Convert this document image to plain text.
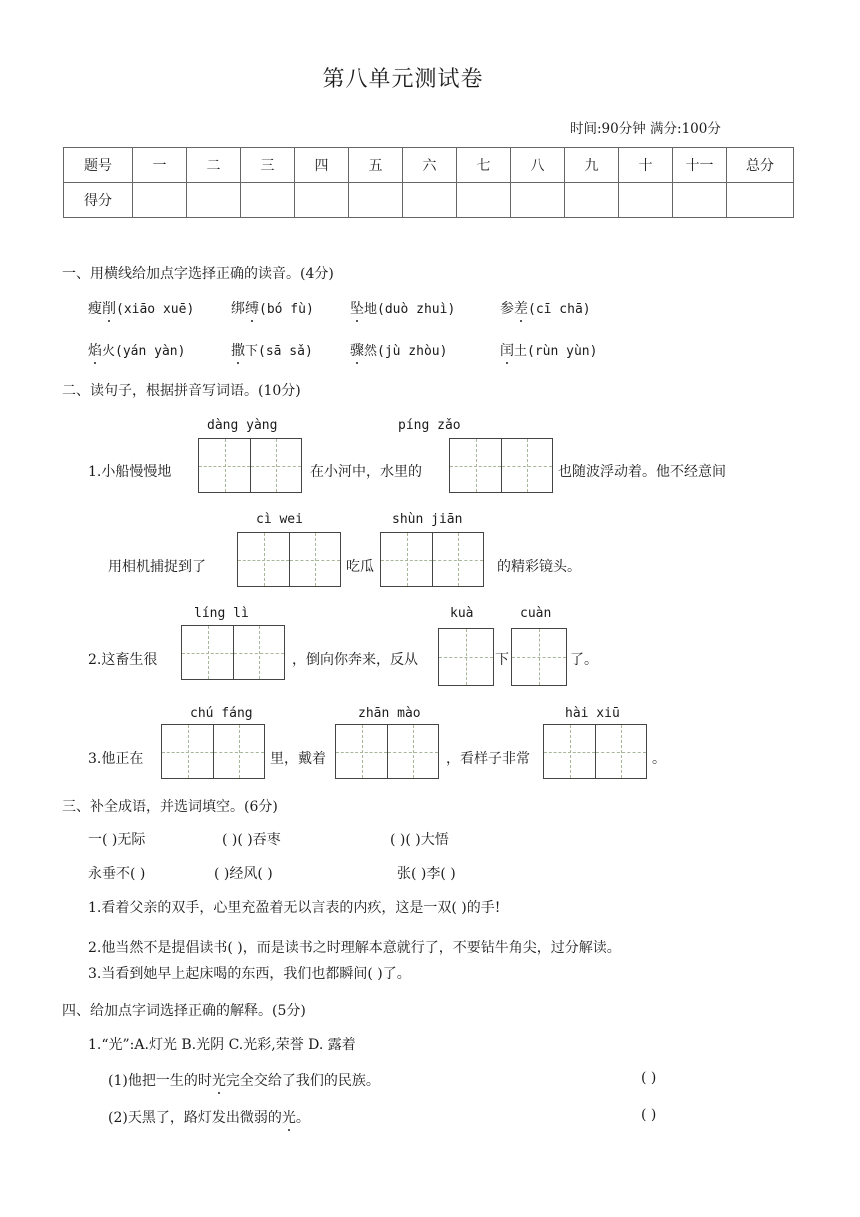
第八单元测试卷
时间:90分钟 满分:100分
题号	一	二	三	四	五	六	七	八	九	十	十一	总分
得分												
一、用横线给加点字选择正确的读音。(4分)
瘦削(xiāo xuē)	绑缚(bó fù)	坠地(duò zhuì)	参差(cī chā)
焰火(yán yàn)	撒下(sā sǎ)	骤然(jù zhòu)	闰土(rùn yùn)
二、读句子，根据拼音写词语。(10分)
dàng yàng	píng zǎo
1.小船慢慢地	在小河中，水里的	也随波浮动着。他不经意间
cì wei	shùn jiān
用相机捕捉到了	吃瓜	的精彩镜头。
líng lì	kuà	cuàn
2.这畜生很	，倒向你奔来，反从	下	了。
chú fáng	zhān mào	hài xiū
3.他正在	里，戴着	，看样子非常	。
三、补全成语，并选词填空。(6分)
一( )无际	( )( )吞枣	( )( )大悟
永垂不( )	( )经风( )	张( )李( )
1.看着父亲的双手，心里充盈着无以言表的内疚，这是一双( )的手!
2.他当然不是提倡读书( )，而是读书之时理解本意就行了，不要钻牛角尖，过分解读。
3.当看到她早上起床喝的东西，我们也都瞬间( )了。
四、给加点字词选择正确的解释。(5分)
1.“光”:A.灯光 B.光阴 C.光彩,荣誉 D. 露着
(1)他把一生的时光完全交给了我们的民族。	( )
(2)天黑了，路灯发出微弱的光。	( )
